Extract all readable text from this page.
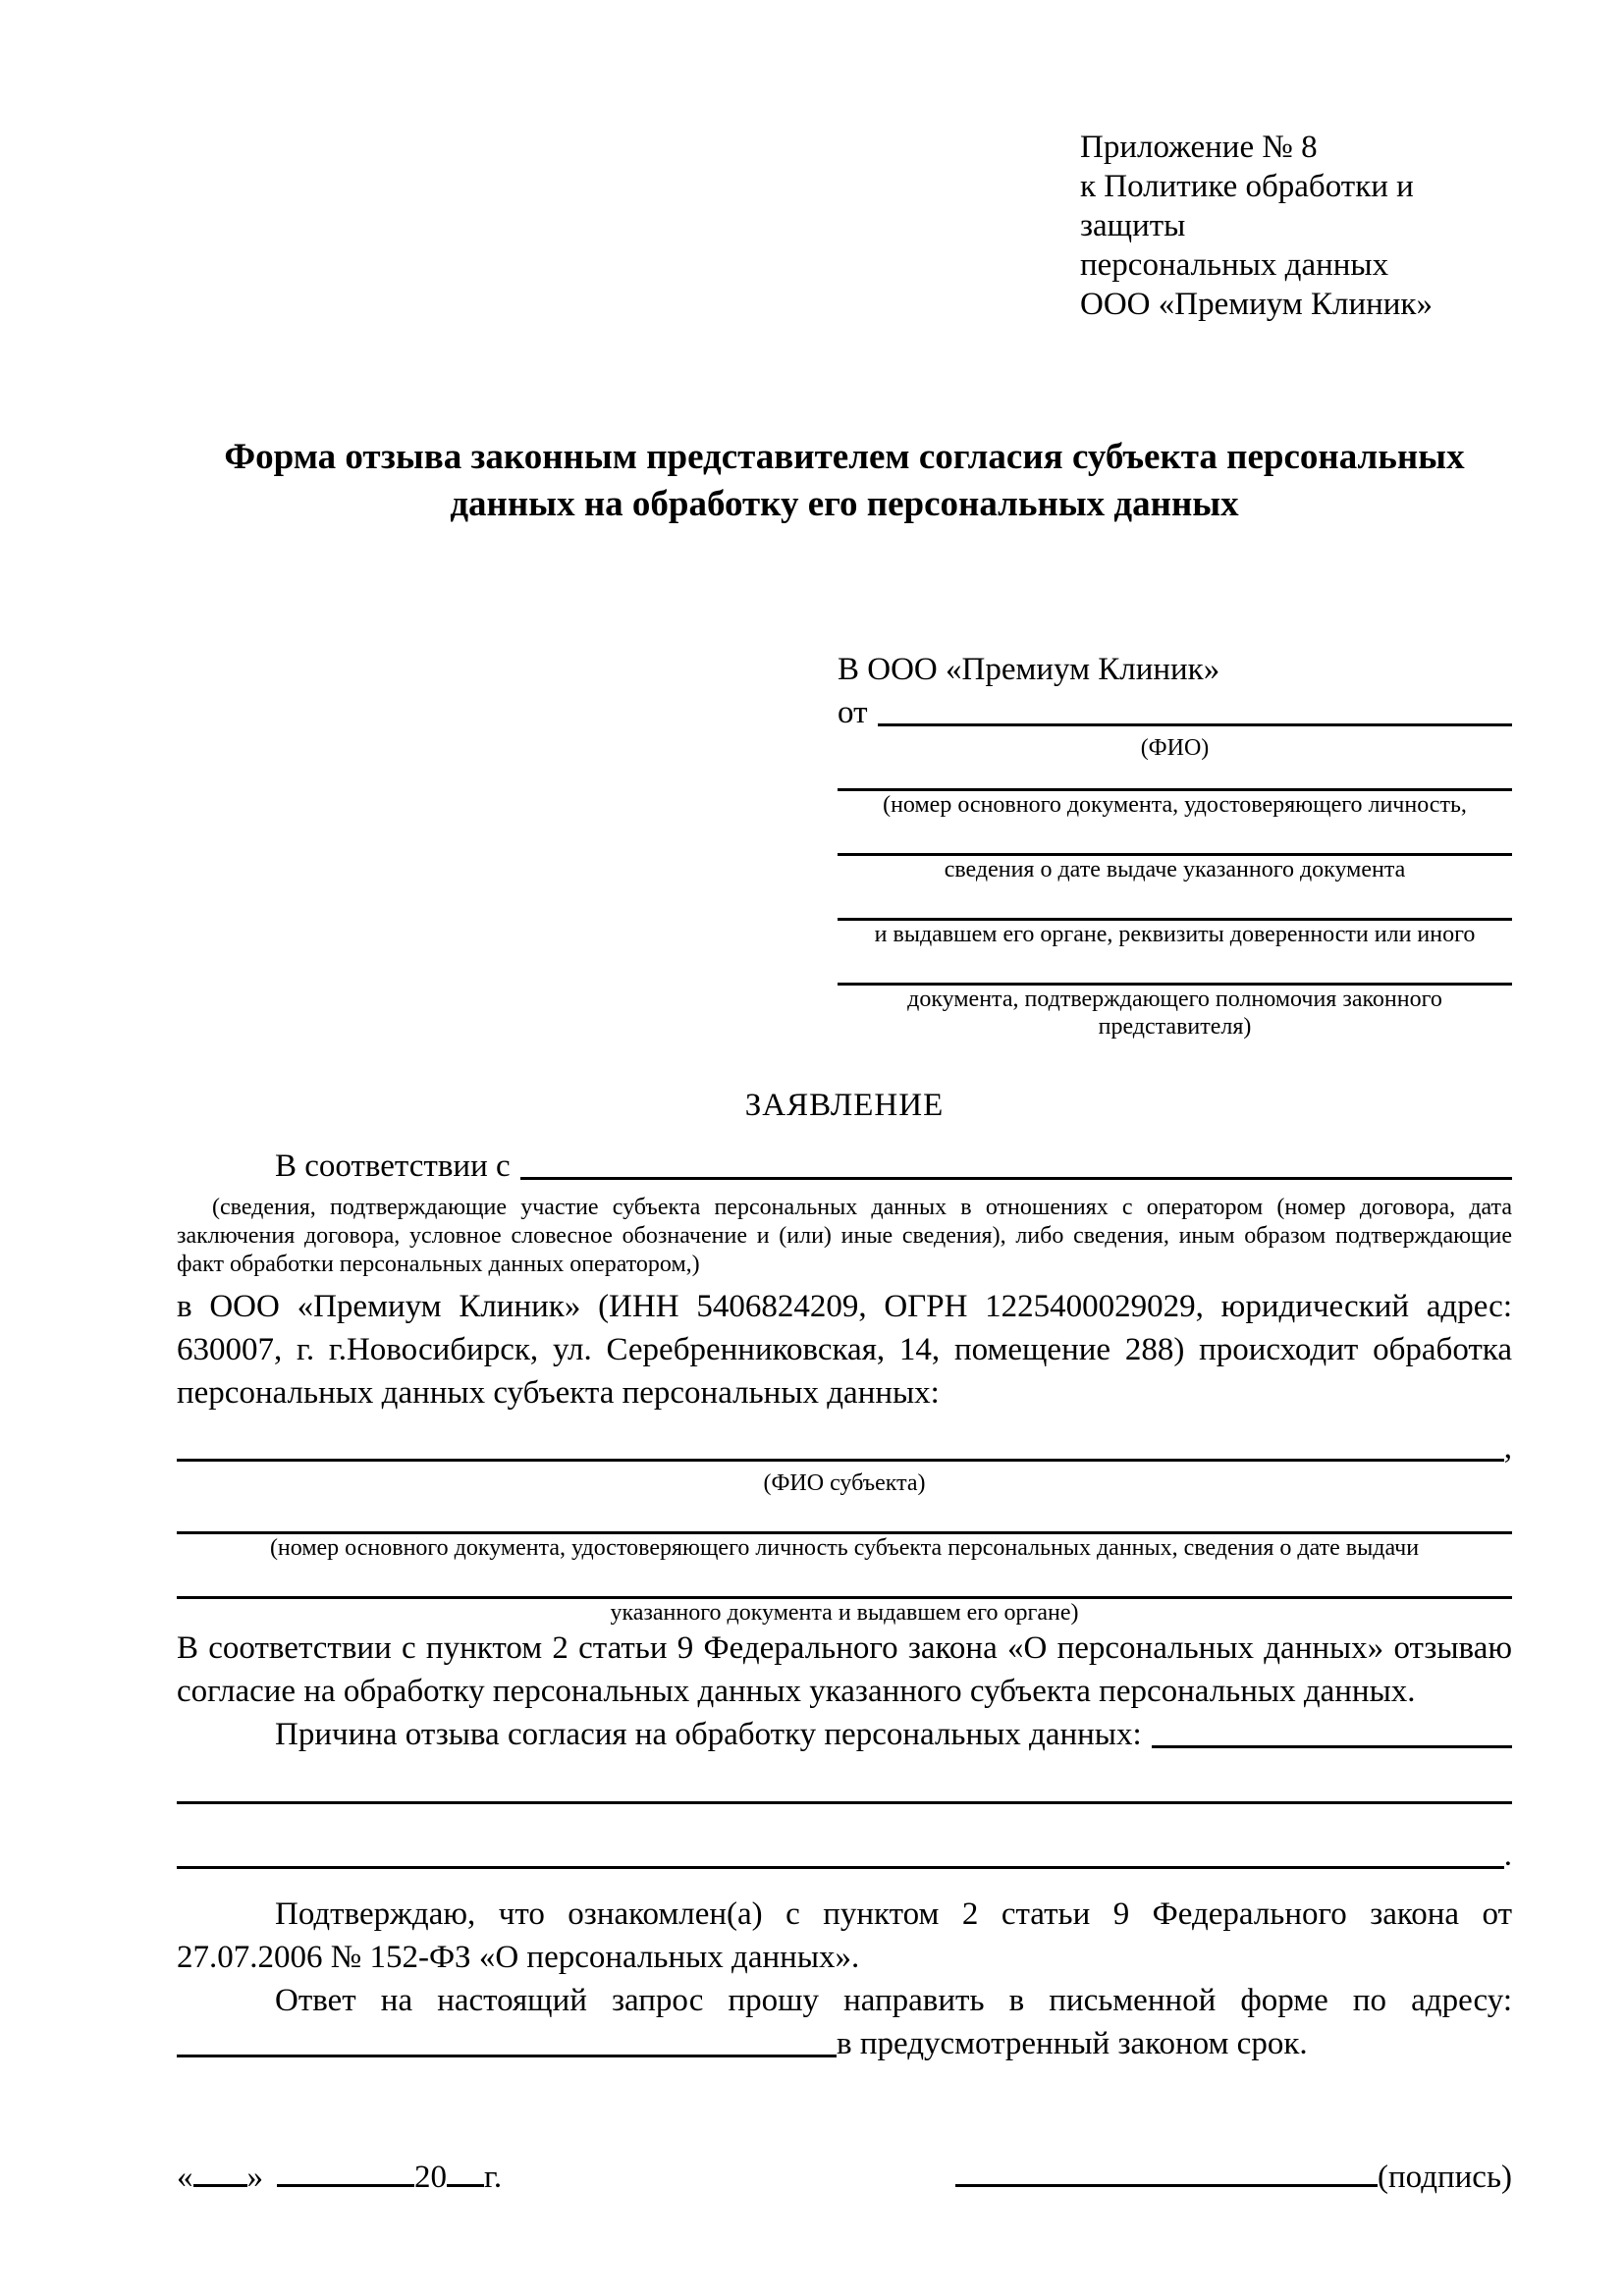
Приложение № 8
к Политике обработки и защиты
персональных данных
ООО «Премиум Клиник»
Форма отзыва законным представителем согласия субъекта персональных данных на обработку его персональных данных
В ООО «Премиум Клиник»
от
(ФИО)
(номер основного документа, удостоверяющего личность,
сведения о дате выдаче указанного документа
и выдавшем его органе, реквизиты доверенности или иного
документа, подтверждающего полномочия законного представителя)
ЗАЯВЛЕНИЕ
В соответствии с

(сведения, подтверждающие участие субъекта персональных данных в отношениях с оператором (номер договора, дата заключения договора, условное словесное обозначение и (или) иные сведения), либо сведения, иным образом подтверждающие факт обработки персональных данных оператором,)

в ООО «Премиум Клиник» (ИНН 5406824209, ОГРН 1225400029029, юридический адрес: 630007, г. г.Новосибирск, ул. Серебренниковская, 14, помещение 288) происходит обработка персональных данных субъекта персональных данных:

,
(ФИО субъекта)
(номер основного документа, удостоверяющего личность субъекта персональных данных, сведения о дате выдачи
указанного документа и выдавшем его органе)

В соответствии с пунктом 2 статьи 9 Федерального закона «О персональных данных» отзываю согласие на обработку персональных данных указанного субъекта персональных данных.

Причина отзыва согласия на обработку персональных данных:
.

Подтверждаю, что ознакомлен(а) с пунктом 2 статьи 9 Федерального закона от 27.07.2006 № 152-ФЗ «О персональных данных».

Ответ на настоящий запрос прошу направить в письменной форме по адресу:

в предусмотренный законом срок.
« »	20 г.	(подпись)
